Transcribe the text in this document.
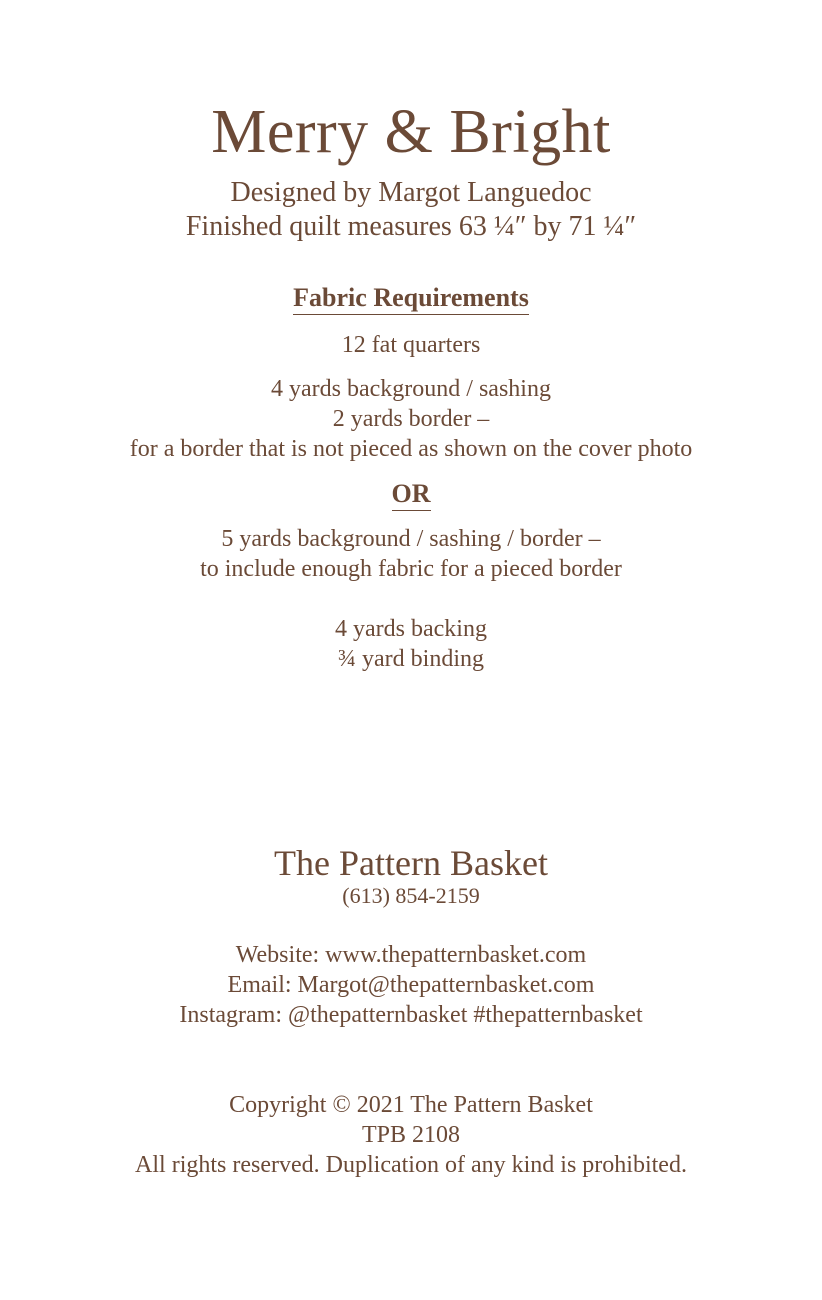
Merry & Bright
Designed by Margot Languedoc
Finished quilt measures 63 ¼″ by 71 ¼″
Fabric Requirements
12 fat quarters
4 yards background / sashing
2 yards border –
for a border that is not pieced as shown on the cover photo
OR
5 yards background / sashing / border –
to include enough fabric for a pieced border
4 yards backing
¾ yard binding
The Pattern Basket
(613) 854-2159
Website: www.thepatternbasket.com
Email: Margot@thepatternbasket.com
Instagram: @thepatternbasket #thepatternbasket
Copyright © 2021 The Pattern Basket
TPB 2108
All rights reserved. Duplication of any kind is prohibited.
